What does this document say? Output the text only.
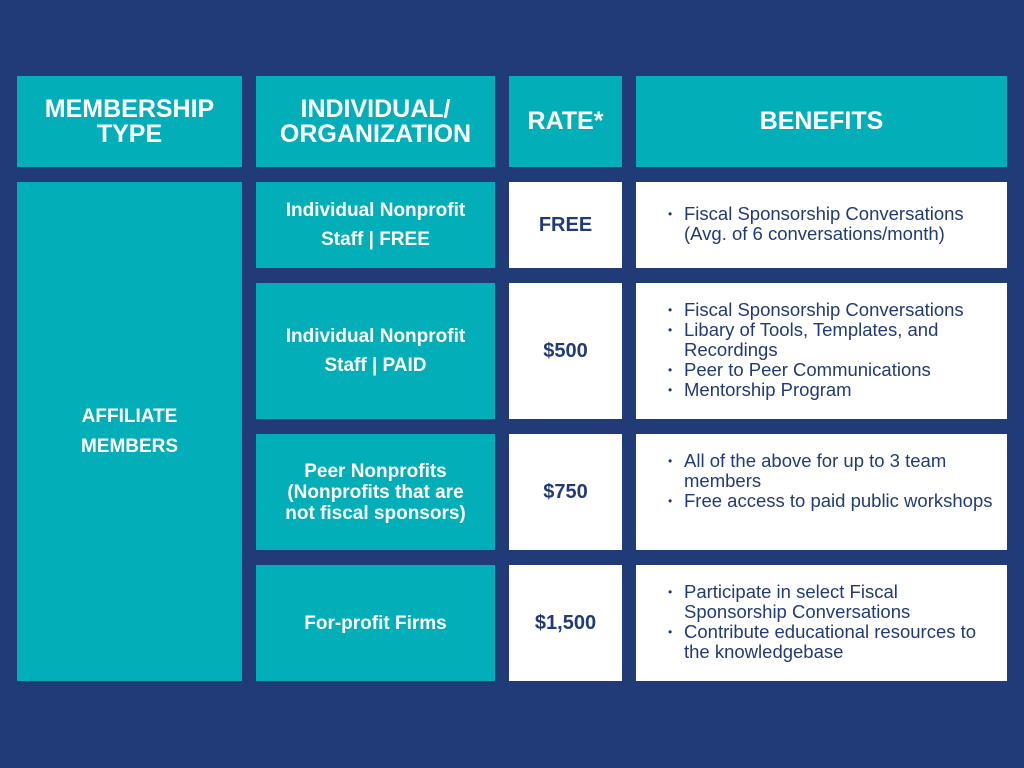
MEMBERSHIP
TYPE
INDIVIDUAL/
ORGANIZATION RATE*	BENEFITS
AFFILIATE
MEMBERS
Individual Nonprofit
Staff | FREE
FREE
•	Fiscal Sponsorship Conversations (Avg. of 6 conversations/month)
Individual Nonprofit
Staff | PAID
$500
• Fiscal Sponsorship Conversations
• Libary of Tools, Templates, and Recordings
• Peer to Peer Communications
• Mentorship Program
Peer Nonprofits
(Nonprofits that are
not fiscal sponsors)
$750
• All of the above for up to 3 team members
• Free access to paid public workshops
For-profit Firms	$1,500
• Participate in select Fiscal Sponsorship Conversations
• Contribute educational resources to the knowledgebase
